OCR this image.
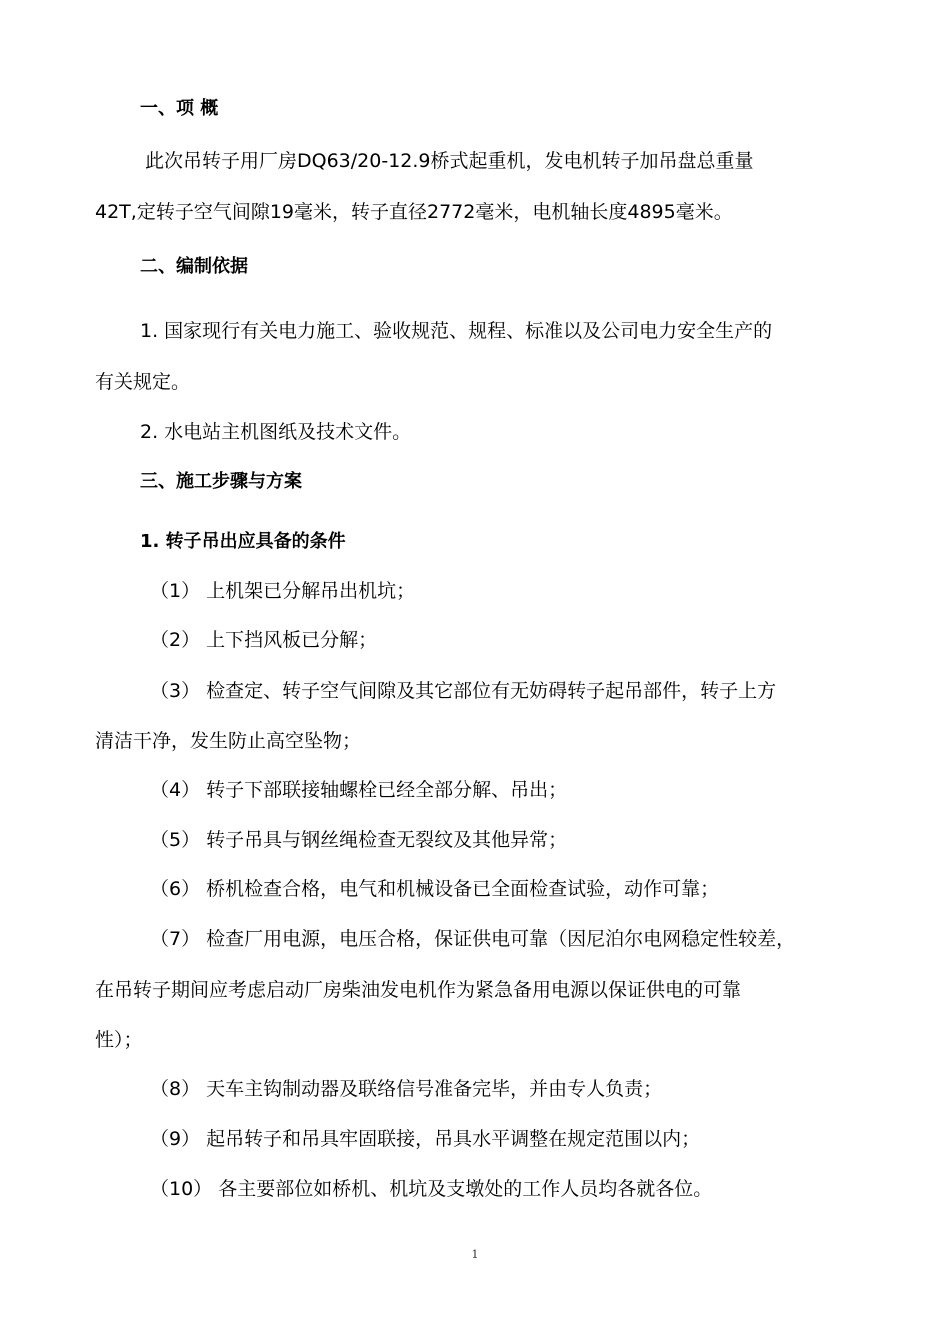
一、项 概
此次吊转子用厂房DQ63/20-12.9桥式起重机，发电机转子加吊盘总重量
42T,定转子空气间隙19毫米，转子直径2772毫米，电机轴长度4895毫米。
二、编制依据
1. 国家现行有关电力施工、验收规范、规程、标准以及公司电力安全生产的
有关规定。
2. 水电站主机图纸及技术文件。
三、施工步骤与方案
1. 转子吊出应具备的条件
（1） 上机架已分解吊出机坑；
（2） 上下挡风板已分解；
（3） 检查定、转子空气间隙及其它部位有无妨碍转子起吊部件，转子上方
清洁干净，发生防止高空坠物；
（4） 转子下部联接轴螺栓已经全部分解、吊出；
（5） 转子吊具与钢丝绳检查无裂纹及其他异常；
（6） 桥机检查合格，电气和机械设备已全面检查试验，动作可靠；
（7） 检查厂用电源，电压合格，保证供电可靠（因尼泊尔电网稳定性较差，
在吊转子期间应考虑启动厂房柴油发电机作为紧急备用电源以保证供电的可靠
性）；
（8） 天车主钩制动器及联络信号准备完毕，并由专人负责；
（9） 起吊转子和吊具牢固联接，吊具水平调整在规定范围以内；
（10） 各主要部位如桥机、机坑及支墩处的工作人员均各就各位。
1
